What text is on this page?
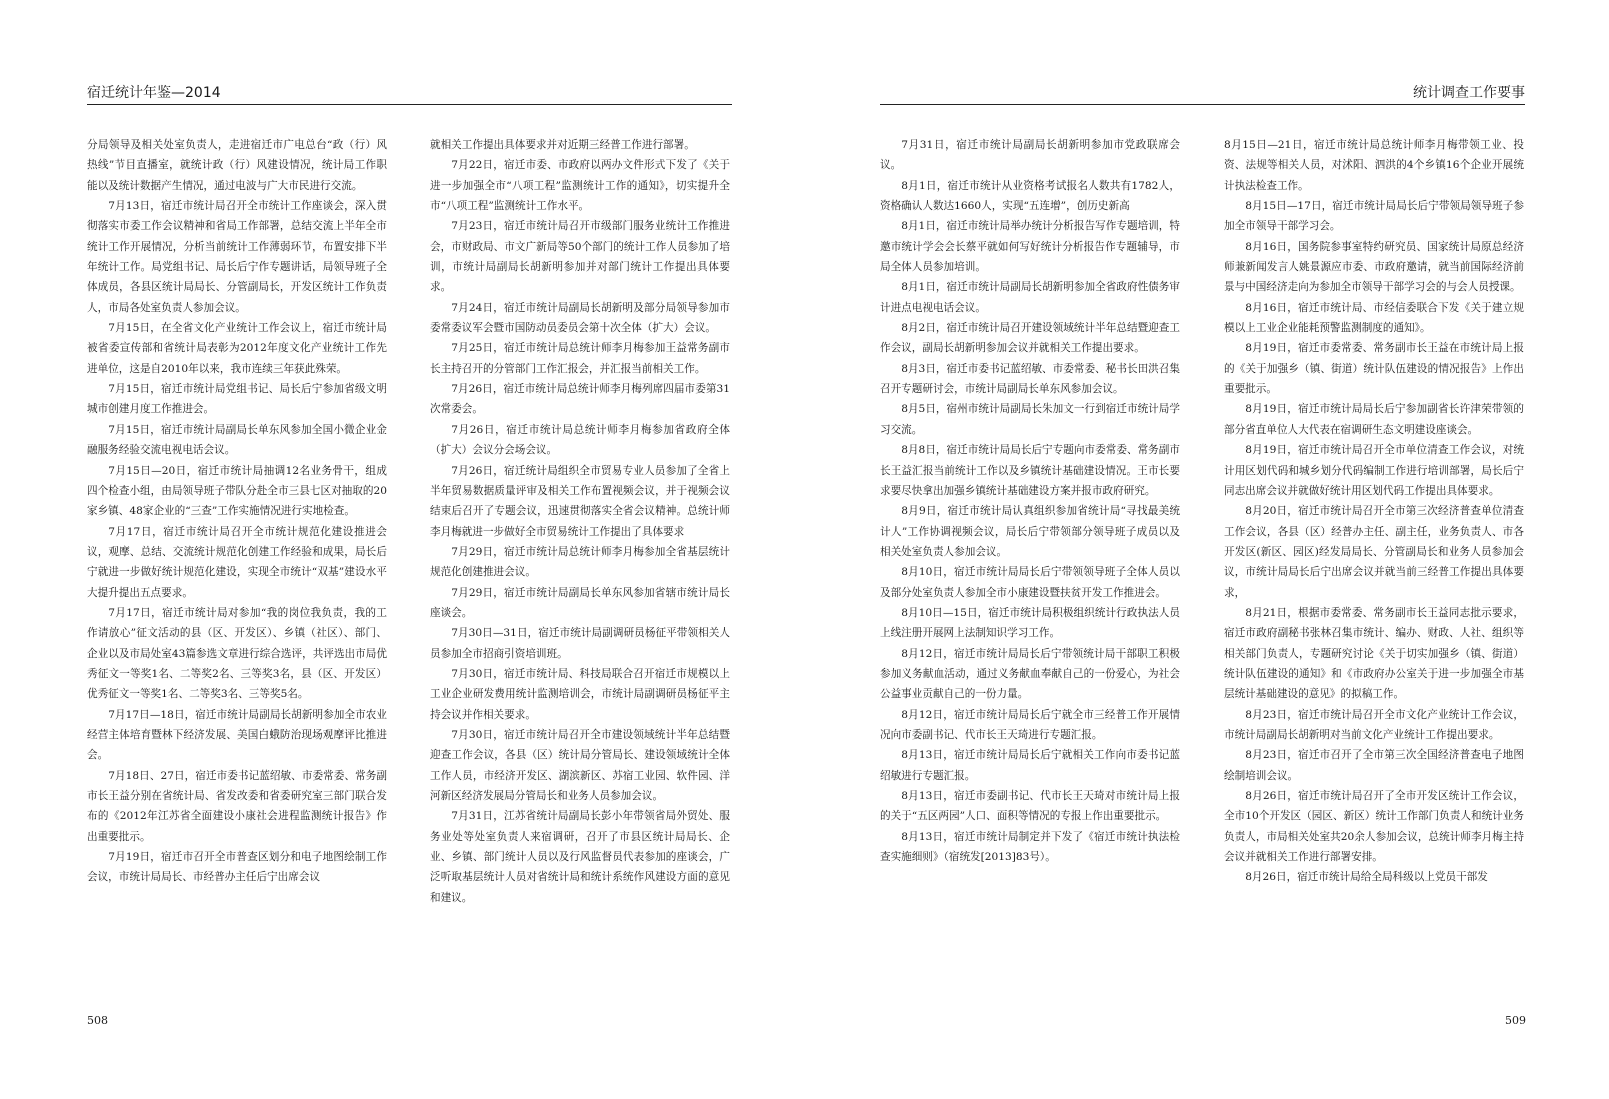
宿迁统计年鉴—2014

分局领导及相关处室负责人，走进宿迁市广电总台“政（行）风热线”节目直播室，就统计政（行）风建设情况，统计局工作职能以及统计数据产生情况，通过电波与广大市民进行交流。

7月13日，宿迁市统计局召开全市统计工作座谈会，深入贯彻落实市委工作会议精神和省局工作部署，总结交流上半年全市统计工作开展情况，分析当前统计工作薄弱环节，布置安排下半年统计工作。局党组书记、局长后宁作专题讲话，局领导班子全体成员，各县区统计局局长、分管副局长，开发区统计工作负责人，市局各处室负责人参加会议。

7月15日，在全省文化产业统计工作会议上，宿迁市统计局被省委宣传部和省统计局表彰为2012年度文化产业统计工作先进单位，这是自2010年以来，我市连续三年获此殊荣。

7月15日，宿迁市统计局党组书记、局长后宁参加省级文明城市创建月度工作推进会。

7月15日，宿迁市统计局副局长单东风参加全国小微企业金融服务经验交流电视电话会议。

7月15日—20日，宿迁市统计局抽调12名业务骨干，组成四个检查小组，由局领导班子带队分赴全市三县七区对抽取的20家乡镇、48家企业的“三查”工作实施情况进行实地检查。

7月17日，宿迁市统计局召开全市统计规范化建设推进会议，观摩、总结、交流统计规范化创建工作经验和成果，局长后宁就进一步做好统计规范化建设，实现全市统计“双基”建设水平大提升提出五点要求。

7月17日，宿迁市统计局对参加“我的岗位我负责，我的工作请放心”征文活动的县（区、开发区）、乡镇（社区）、部门、企业以及市局处室43篇参选文章进行综合选评，共评选出市局优秀征文一等奖1名、二等奖2名、三等奖3名，县（区、开发区）优秀征文一等奖1名、二等奖3名、三等奖5名。

7月17日—18日，宿迁市统计局副局长胡新明参加全市农业经营主体培育暨林下经济发展、美国白蛾防治现场观摩评比推进会。

7月18日、27日，宿迁市委书记蓝绍敏、市委常委、常务副市长王益分别在省统计局、省发改委和省委研究室三部门联合发布的《2012年江苏省全面建设小康社会进程监测统计报告》作出重要批示。

7月19日，宿迁市召开全市普查区划分和电子地图绘制工作会议，市统计局局长、市经普办主任后宁出席会议

就相关工作提出具体要求并对近期三经普工作进行部署。

7月22日，宿迁市委、市政府以两办文件形式下发了《关于进一步加强全市“八项工程”监测统计工作的通知》，切实提升全市“八项工程”监测统计工作水平。

7月23日，宿迁市统计局召开市级部门服务业统计工作推进会，市财政局、市文广新局等50个部门的统计工作人员参加了培训，市统计局副局长胡新明参加并对部门统计工作提出具体要求。

7月24日，宿迁市统计局副局长胡新明及部分局领导参加市委常委议军会暨市国防动员委员会第十次全体（扩大）会议。

7月25日，宿迁市统计局总统计师李月梅参加王益常务副市长主持召开的分管部门工作汇报会，并汇报当前相关工作。

7月26日，宿迁市统计局总统计师李月梅列席四届市委第31次常委会。

7月26日，宿迁市统计局总统计师李月梅参加省政府全体（扩大）会议分会场会议。

7月26日，宿迁统计局组织全市贸易专业人员参加了全省上半年贸易数据质量评审及相关工作布置视频会议，并于视频会议结束后召开了专题会议，迅速贯彻落实全省会议精神。总统计师李月梅就进一步做好全市贸易统计工作提出了具体要求

7月29日，宿迁市统计局总统计师李月梅参加全省基层统计规范化创建推进会议。

7月29日，宿迁市统计局副局长单东风参加省辖市统计局长座谈会。

7月30日—31日，宿迁市统计局副调研员杨征平带领相关人员参加全市招商引资培训班。

7月30日，宿迁市统计局、科技局联合召开宿迁市规模以上工业企业研发费用统计监测培训会，市统计局副调研员杨征平主持会议并作相关要求。

7月30日，宿迁市统计局召开全市建设领域统计半年总结暨迎查工作会议，各县（区）统计局分管局长、建设领域统计全体工作人员，市经济开发区、湖滨新区、苏宿工业园、软件园、洋河新区经济发展局分管局长和业务人员参加会议。

7月31日，江苏省统计局副局长彭小年带领省局外贸处、服务业处等处室负责人来宿调研，召开了市县区统计局局长、企业、乡镇、部门统计人员以及行风监督员代表参加的座谈会，广泛听取基层统计人员对省统计局和统计系统作风建设方面的意见和建议。

508
统计调查工作要事

7月31日，宿迁市统计局副局长胡新明参加市党政联席会议。

8月1日，宿迁市统计从业资格考试报名人数共有1782人，资格确认人数达1660人，实现“五连增”，创历史新高

8月1日，宿迁市统计局举办统计分析报告写作专题培训，特邀市统计学会会长蔡平就如何写好统计分析报告作专题辅导，市局全体人员参加培训。

8月1日，宿迁市统计局副局长胡新明参加全省政府性债务审计进点电视电话会议。

8月2日，宿迁市统计局召开建设领域统计半年总结暨迎查工作会议，副局长胡新明参加会议并就相关工作提出要求。

8月3日，宿迁市委书记蓝绍敏、市委常委、秘书长田洪召集召开专题研讨会，市统计局副局长单东风参加会议。

8月5日，宿州市统计局副局长朱加文一行到宿迁市统计局学习交流。

8月8日，宿迁市统计局局长后宁专题向市委常委、常务副市长王益汇报当前统计工作以及乡镇统计基础建设情况。王市长要求要尽快拿出加强乡镇统计基础建设方案并报市政府研究。

8月9日，宿迁市统计局认真组织参加省统计局“寻找最美统计人”工作协调视频会议，局长后宁带领部分领导班子成员以及相关处室负责人参加会议。

8月10日，宿迁市统计局局长后宁带领领导班子全体人员以及部分处室负责人参加全市小康建设暨扶贫开发工作推进会。

8月10日—15日，宿迁市统计局积极组织统计行政执法人员上线注册开展网上法制知识学习工作。

8月12日，宿迁市统计局局长后宁带领统计局干部职工积极参加义务献血活动，通过义务献血奉献自己的一份爱心，为社会公益事业贡献自己的一份力量。

8月12日，宿迁市统计局局长后宁就全市三经普工作开展情况向市委副书记、代市长王天琦进行专题汇报。

8月13日，宿迁市统计局局长后宁就相关工作向市委书记蓝绍敏进行专题汇报。

8月13日，宿迁市委副书记、代市长王天琦对市统计局上报的关于“五区两园”人口、面积等情况的专报上作出重要批示。

8月13日，宿迁市统计局制定并下发了《宿迁市统计执法检查实施细则》（宿统发[2013]83号）。

8月15日—21日，宿迁市统计局总统计师李月梅带领工业、投资、法规等相关人员，对沭阳、泗洪的4个乡镇16个企业开展统计执法检查工作。

8月15日—17日，宿迁市统计局局长后宁带领局领导班子参加全市领导干部学习会。

8月16日，国务院参事室特约研究员、国家统计局原总经济师兼新闻发言人姚景源应市委、市政府邀请，就当前国际经济前景与中国经济走向为参加全市领导干部学习会的与会人员授课。

8月16日，宿迁市统计局、市经信委联合下发《关于建立规模以上工业企业能耗预警监测制度的通知》。

8月19日，宿迁市委常委、常务副市长王益在市统计局上报的《关于加强乡（镇、街道）统计队伍建设的情况报告》上作出重要批示。

8月19日，宿迁市统计局局长后宁参加副省长许津荣带领的部分省直单位人大代表在宿调研生态文明建设座谈会。

8月19日，宿迁市统计局召开全市单位清查工作会议，对统计用区划代码和城乡划分代码编制工作进行培训部署，局长后宁同志出席会议并就做好统计用区划代码工作提出具体要求。

8月20日，宿迁市统计局召开全市第三次经济普查单位清查工作会议，各县（区）经普办主任、副主任，业务负责人、市各开发区(新区、园区)经发局局长、分管副局长和业务人员参加会议，市统计局局长后宁出席会议并就当前三经普工作提出具体要求，

8月21日，根据市委常委、常务副市长王益同志批示要求，宿迁市政府副秘书张林召集市统计、编办、财政、人社、组织等相关部门负责人，专题研究讨论《关于切实加强乡（镇、街道）统计队伍建设的通知》和《市政府办公室关于进一步加强全市基层统计基础建设的意见》的拟稿工作。

8月23日，宿迁市统计局召开全市文化产业统计工作会议，市统计局副局长胡新明对当前文化产业统计工作提出要求。

8月23日，宿迁市召开了全市第三次全国经济普查电子地图绘制培训会议。

8月26日，宿迁市统计局召开了全市开发区统计工作会议，全市10个开发区（园区、新区）统计工作部门负责人和统计业务负责人，市局相关处室共20余人参加会议，总统计师李月梅主持会议并就相关工作进行部署安排。

8月26日，宿迁市统计局给全局科级以上党员干部发

509
